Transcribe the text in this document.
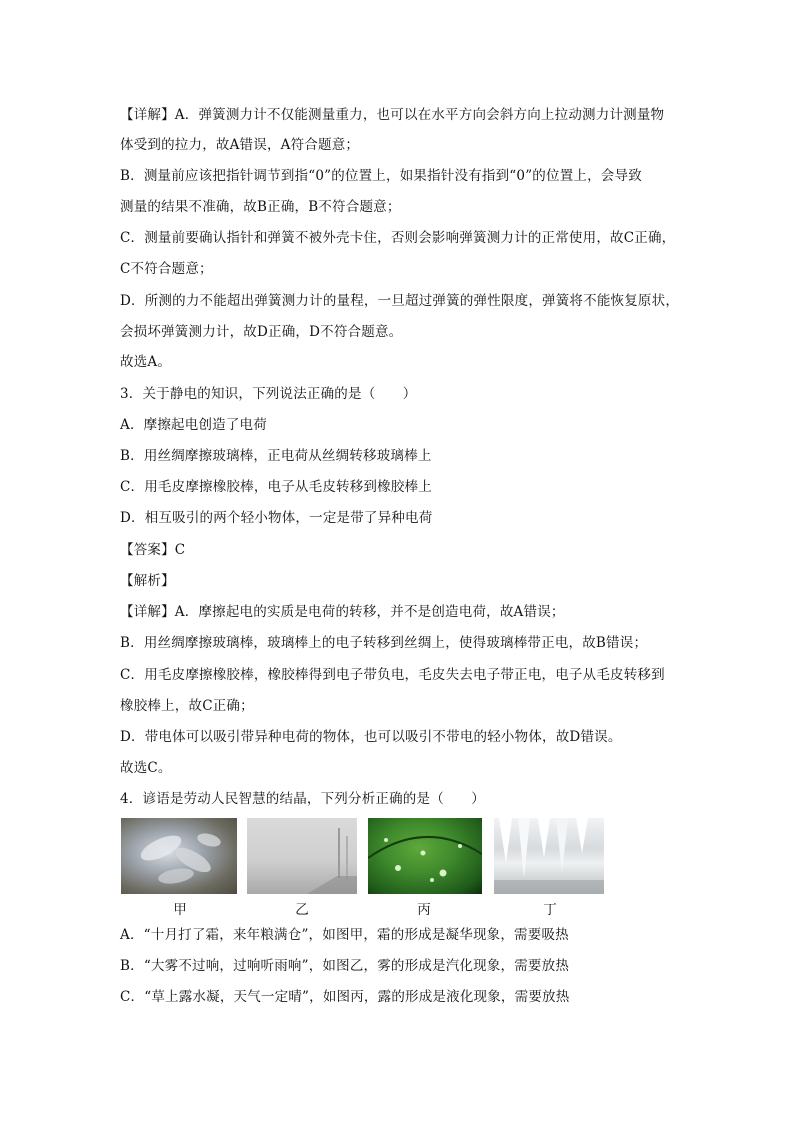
【详解】A．弹簧测力计不仅能测量重力，也可以在水平方向会斜方向上拉动测力计测量物
体受到的拉力，故A错误，A符合题意；
B．测量前应该把指针调节到指“0”的位置上，如果指针没有指到“0”的位置上，会导致
测量的结果不准确，故B正确，B不符合题意；
C．测量前要确认指针和弹簧不被外壳卡住，否则会影响弹簧测力计的正常使用，故C正确，
C不符合题意；
D．所测的力不能超出弹簧测力计的量程，一旦超过弹簧的弹性限度，弹簧将不能恢复原状，
会损坏弹簧测力计，故D正确，D不符合题意。
故选A。
3．关于静电的知识，下列说法正确的是（　　）
A．摩擦起电创造了电荷
B．用丝绸摩擦玻璃棒，正电荷从丝绸转移玻璃棒上
C．用毛皮摩擦橡胶棒，电子从毛皮转移到橡胶棒上
D．相互吸引的两个轻小物体，一定是带了异种电荷
【答案】C
【解析】
【详解】A．摩擦起电的实质是电荷的转移，并不是创造电荷，故A错误；
B．用丝绸摩擦玻璃棒，玻璃棒上的电子转移到丝绸上，使得玻璃棒带正电，故B错误；
C．用毛皮摩擦橡胶棒，橡胶棒得到电子带负电，毛皮失去电子带正电，电子从毛皮转移到
橡胶棒上，故C正确；
D．带电体可以吸引带异种电荷的物体，也可以吸引不带电的轻小物体，故D错误。
故选C。
4．谚语是劳动人民智慧的结晶，下列分析正确的是（　　）
甲	乙	丙	丁
A．“十月打了霜，来年粮满仓”，如图甲，霜的形成是凝华现象，需要吸热
B．“大雾不过响，过响听雨响”，如图乙，雾的形成是汽化现象，需要放热
C．“草上露水凝，天气一定晴”，如图丙，露的形成是液化现象，需要放热
